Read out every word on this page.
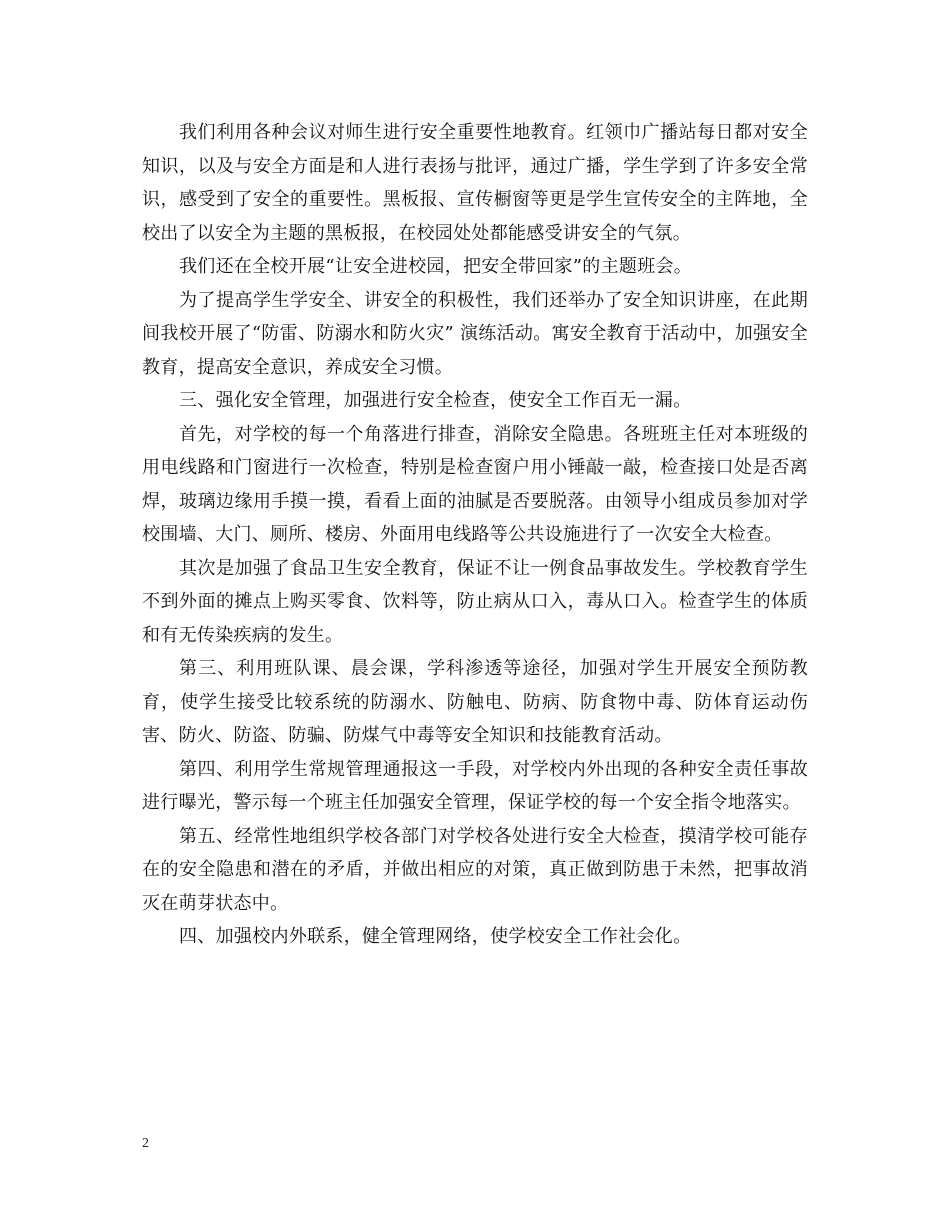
我们利用各种会议对师生进行安全重要性地教育。红领巾广播站每日都对安全知识，以及与安全方面是和人进行表扬与批评，通过广播，学生学到了许多安全常识，感受到了安全的重要性。黑板报、宣传橱窗等更是学生宣传安全的主阵地，全校出了以安全为主题的黑板报，在校园处处都能感受讲安全的气氛。

我们还在全校开展“让安全进校园，把安全带回家”的主题班会。

为了提高学生学安全、讲安全的积极性，我们还举办了安全知识讲座，在此期间我校开展了“防雷、防溺水和防火灾” 演练活动。寓安全教育于活动中，加强安全教育，提高安全意识，养成安全习惯。

三、强化安全管理，加强进行安全检查，使安全工作百无一漏。

首先，对学校的每一个角落进行排查，消除安全隐患。各班班主任对本班级的用电线路和门窗进行一次检查，特别是检查窗户用小锤敲一敲，检查接口处是否离焊，玻璃边缘用手摸一摸，看看上面的油腻是否要脱落。由领导小组成员参加对学校围墙、大门、厕所、楼房、外面用电线路等公共设施进行了一次安全大检查。

其次是加强了食品卫生安全教育，保证不让一例食品事故发生。学校教育学生不到外面的摊点上购买零食、饮料等，防止病从口入，毒从口入。检查学生的体质和有无传染疾病的发生。

第三、利用班队课、晨会课，学科渗透等途径，加强对学生开展安全预防教育，使学生接受比较系统的防溺水、防触电、防病、防食物中毒、防体育运动伤害、防火、防盗、防骗、防煤气中毒等安全知识和技能教育活动。

第四、利用学生常规管理通报这一手段，对学校内外出现的各种安全责任事故进行曝光，警示每一个班主任加强安全管理，保证学校的每一个安全指令地落实。

第五、经常性地组织学校各部门对学校各处进行安全大检查，摸清学校可能存在的安全隐患和潜在的矛盾，并做出相应的对策，真正做到防患于未然，把事故消灭在萌芽状态中。

四、加强校内外联系，健全管理网络，使学校安全工作社会化。

2
